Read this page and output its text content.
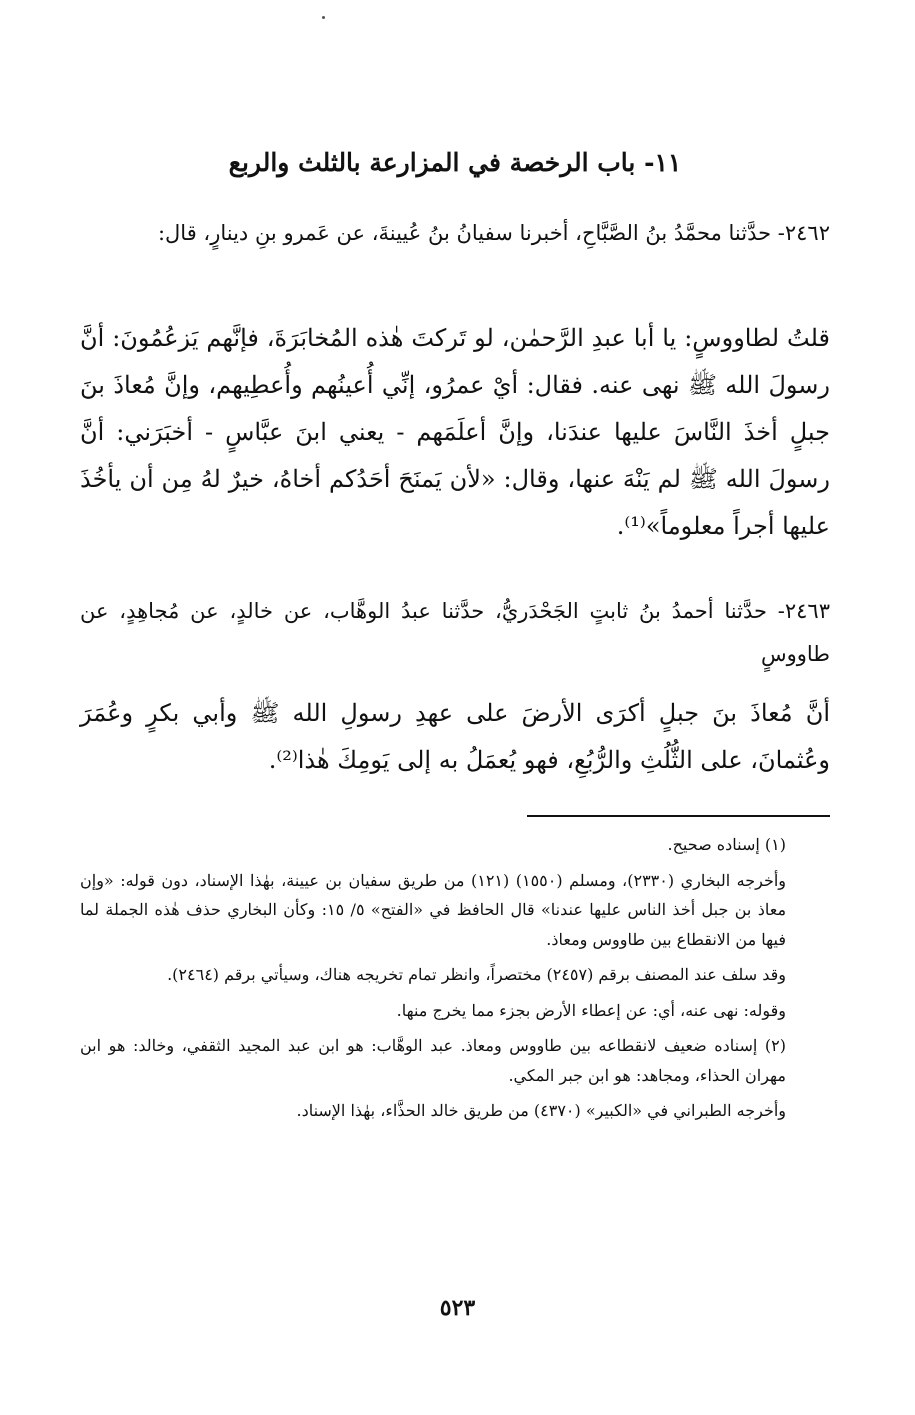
١١- باب الرخصة في المزارعة بالثلث والربع
٢٤٦٢- حدَّثنا محمَّدُ بنُ الصَّبَّاحِ، أخبرنا سفيانُ بنُ عُيينةَ، عن عَمرو بنِ دينارٍ، قال:
قلتُ لطاووسٍ: يا أبا عبدِ الرَّحمٰن، لو تَركتَ هٰذه المُخابَرَةَ، فإنَّهم يَزعُمُونَ: أنَّ رسولَ الله ﷺ نهى عنه. فقال: أيْ عمرُو، إنِّي أُعينُهم وأُعطِيهم، وإنَّ مُعاذَ بنَ جبلٍ أخذَ النَّاسَ عليها عندَنا، وإنَّ أعلَمَهم - يعني ابنَ عبَّاسٍ - أخبَرَني: أنَّ رسولَ الله ﷺ لم يَنْهَ عنها، وقال: «لأن يَمنَحَ أحَدُكم أخاهُ، خيرٌ لهُ مِن أن يأخُذَ عليها أجراً معلوماً»⁽¹⁾.
٢٤٦٣- حدَّثنا أحمدُ بنُ ثابتٍ الجَحْدَريُّ، حدَّثنا عبدُ الوهَّاب، عن خالدٍ، عن مُجاهِدٍ، عن طاووسٍ
أنَّ مُعاذَ بنَ جبلٍ أكرَى الأرضَ على عهدِ رسولِ الله ﷺ وأبي بكرٍ وعُمَرَ وعُثمانَ، على الثُّلُثِ والرُّبُعِ، فهو يُعمَلُ به إلى يَومِكَ هٰذا⁽²⁾.

(١) إسناده صحيح.

وأخرجه البخاري (٢٣٣٠)، ومسلم (١٥٥٠) (١٢١) من طريق سفيان بن عيينة، بهٰذا الإسناد، دون قوله: «وإن معاذ بن جبل أخذ الناس عليها عندنا» قال الحافظ في «الفتح» ٥/ ١٥: وكأن البخاري حذف هٰذه الجملة لما فيها من الانقطاع بين طاووس ومعاذ.

وقد سلف عند المصنف برقم (٢٤٥٧) مختصراً، وانظر تمام تخريجه هناك، وسيأتي برقم (٢٤٦٤).

وقوله: نهى عنه، أي: عن إعطاء الأرض بجزء مما يخرج منها.

(٢) إسناده ضعيف لانقطاعه بين طاووس ومعاذ. عبد الوهَّاب: هو ابن عبد المجيد الثقفي، وخالد: هو ابن مهران الحذاء، ومجاهد: هو ابن جبر المكي.

وأخرجه الطبراني في «الكبير» (٤٣٧٠) من طريق خالد الحذَّاء، بهٰذا الإسناد.

٥٢٣
